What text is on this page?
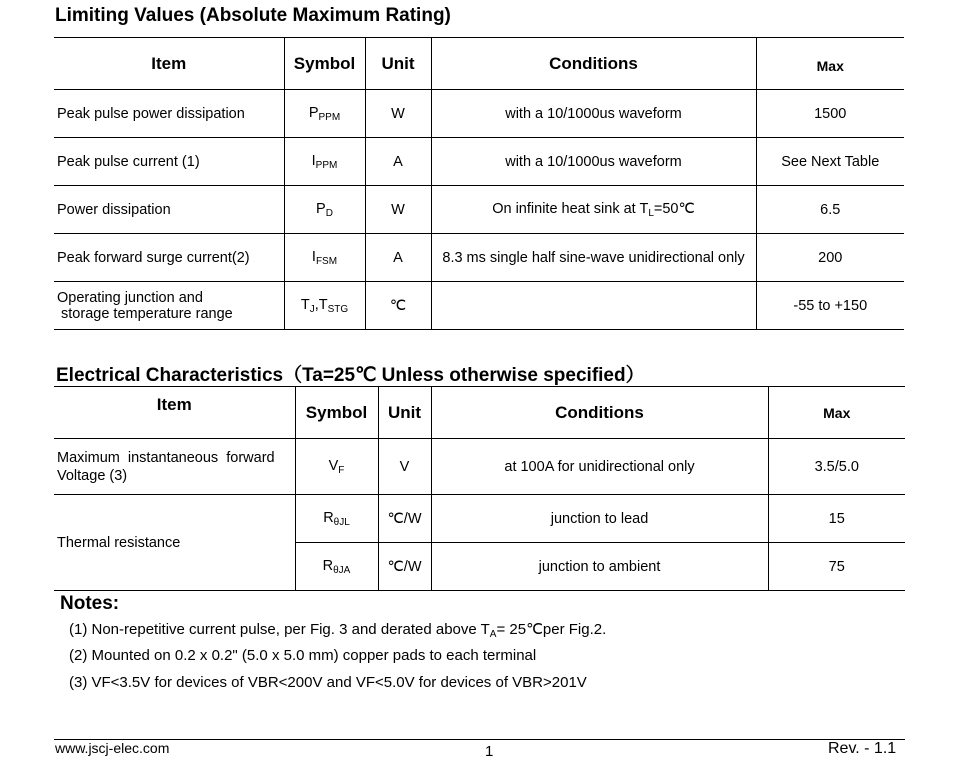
Limiting Values (Absolute Maximum Rating)
Item	Symbol	Unit	Conditions	Max
Peak pulse power dissipation	$P_{PPM}$	W	with a 10/1000us waveform	1500
Peak pulse current (1)	$I_{PPM}$	A	with a 10/1000us waveform	See Next Table
Power dissipation	$P_D$	W	On infinite heat sink at $T_L=50℃$	6.5
Peak forward surge current(2)	$I_{FSM}$	A	8.3 ms single half sine-wave unidirectional only	200

Operating junction and
storage temperature range	$T_J,T_{STG}$	℃		-55 to +150
Electrical Characteristics（Ta=25℃ Unless otherwise specified）
Item	Symbol	Unit	Conditions	Max

Maximum  instantaneous  forward
Voltage (3)	$V_F$	V	at 100A for unidirectional only	3.5/5.0
Thermal resistance	$R_{\theta JL}$	℃/W	junction to lead	15
	$R_{\theta JA}$	℃/W	junction to ambient	75
Notes:
(1) Non-repetitive current pulse, per Fig. 3 and derated above $T_A=$ 25℃per Fig.2.
(2) Mounted on 0.2 x 0.2" (5.0 x 5.0 mm) copper pads to each terminal
(3) VF<3.5V for devices of VBR<200V and VF<5.0V for devices of VBR>201V
www.jscj-elec.com	1	Rev. - 1.1
